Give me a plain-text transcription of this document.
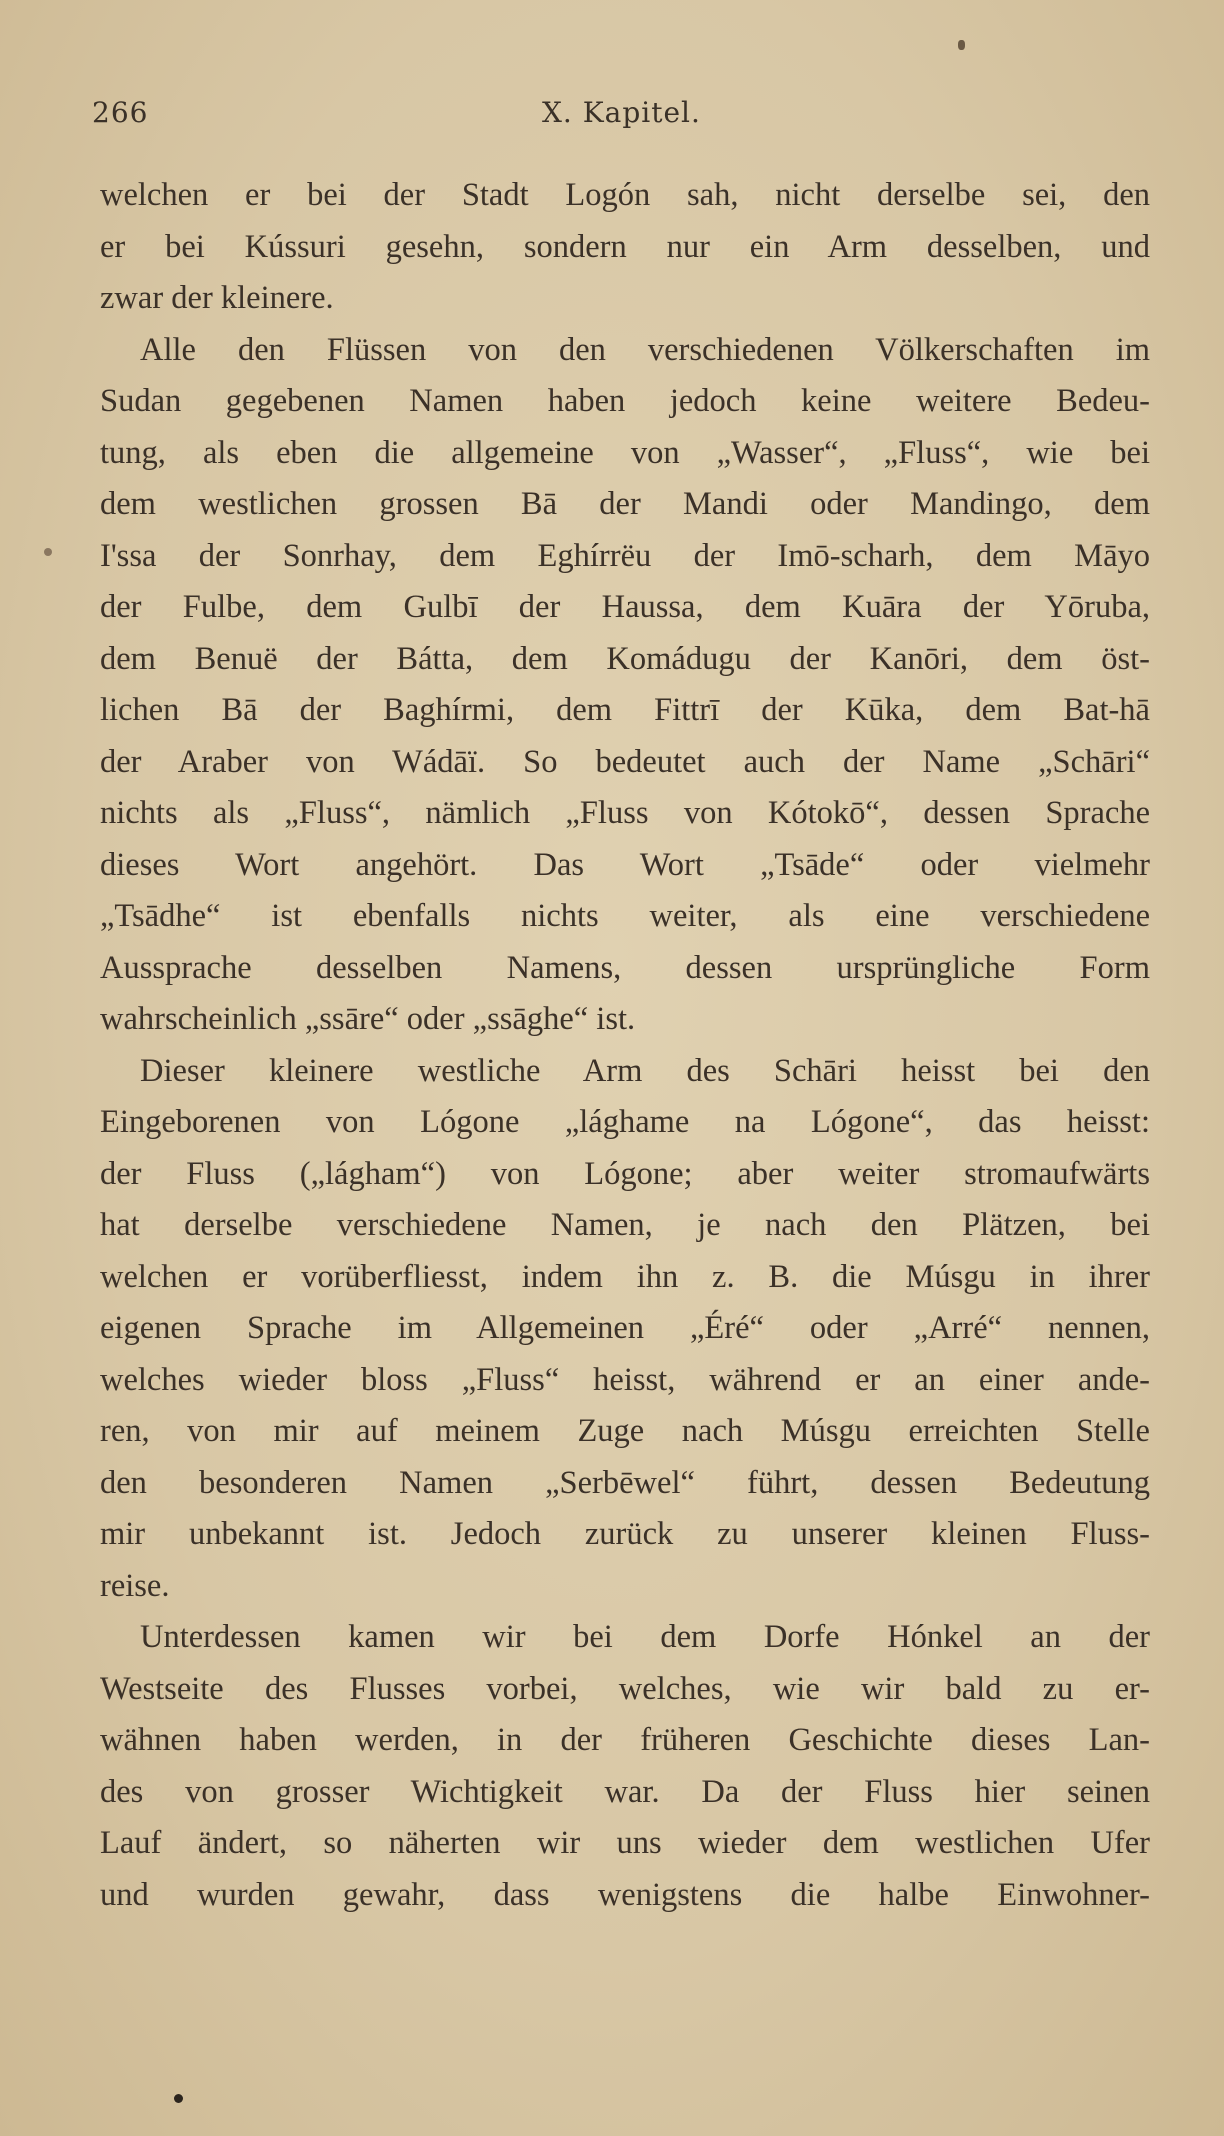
266	X. Kapitel.
welchen er bei der Stadt Logón sah, nicht derselbe sei, den
er bei Kússuri gesehn, sondern nur ein Arm desselben, und
zwar der kleinere.
Alle den Flüssen von den verschiedenen Völkerschaften im
Sudan gegebenen Namen haben jedoch keine weitere Bedeu-
tung, als eben die allgemeine von „Wasser“, „Fluss“, wie bei
dem westlichen grossen Bā der Mandi oder Mandingo, dem
I'ssa der Sonrhay, dem Eghírrëu der Imō-scharh, dem Māyo
der Fulbe, dem Gulbī der Haussa, dem Kuāra der Yōruba,
dem Benuë der Bátta, dem Komádugu der Kanōri, dem öst-
lichen Bā der Baghírmi, dem Fittrī der Kūka, dem Bat-hā
der Araber von Wádāï. So bedeutet auch der Name „Schāri“
nichts als „Fluss“, nämlich „Fluss von Kótokō“, dessen Sprache
dieses Wort angehört. Das Wort „Tsāde“ oder vielmehr
„Tsādhe“ ist ebenfalls nichts weiter, als eine verschiedene
Aussprache desselben Namens, dessen ursprüngliche Form
wahrscheinlich „ssāre“ oder „ssāghe“ ist.
Dieser kleinere westliche Arm des Schāri heisst bei den
Eingeborenen von Lógone „lághame na Lógone“, das heisst:
der Fluss („lágham“) von Lógone; aber weiter stromaufwärts
hat derselbe verschiedene Namen, je nach den Plätzen, bei
welchen er vorüberfliesst, indem ihn z. B. die Músgu in ihrer
eigenen Sprache im Allgemeinen „Éré“ oder „Arré“ nennen,
welches wieder bloss „Fluss“ heisst, während er an einer ande-
ren, von mir auf meinem Zuge nach Músgu erreichten Stelle
den besonderen Namen „Serbēwel“ führt, dessen Bedeutung
mir unbekannt ist. Jedoch zurück zu unserer kleinen Fluss-
reise.
Unterdessen kamen wir bei dem Dorfe Hónkel an der
Westseite des Flusses vorbei, welches, wie wir bald zu er-
wähnen haben werden, in der früheren Geschichte dieses Lan-
des von grosser Wichtigkeit war. Da der Fluss hier seinen
Lauf ändert, so näherten wir uns wieder dem westlichen Ufer
und wurden gewahr, dass wenigstens die halbe Einwohner-
